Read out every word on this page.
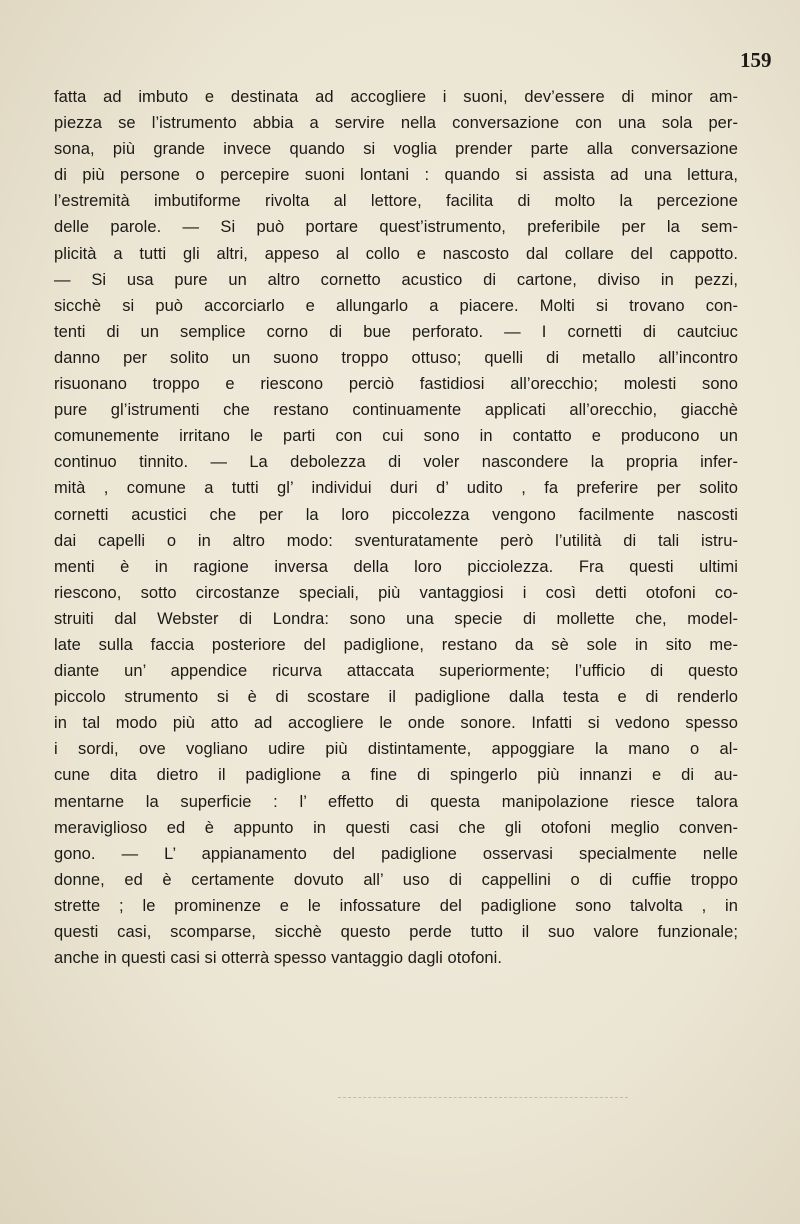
159
fatta ad imbuto e destinata ad accogliere i suoni, dev’essere di minor am-
piezza se l’istrumento abbia a servire nella conversazione con una sola per-
sona, più grande invece quando si voglia prender parte alla conversazione
di più persone o percepire suoni lontani : quando si assista ad una lettura,
l’estremità imbutiforme rivolta al lettore, facilita di molto la percezione
delle parole. — Si può portare quest’istrumento, preferibile per la sem-
plicità a tutti gli altri, appeso al collo e nascosto dal collare del cappotto.
— Si usa pure un altro cornetto acustico di cartone, diviso in pezzi,
sicchè si può accorciarlo e allungarlo a piacere. Molti si trovano con-
tenti di un semplice corno di bue perforato. — I cornetti di cautciuc
danno per solito un suono troppo ottuso; quelli di metallo all’incontro
risuonano troppo e riescono perciò fastidiosi all’orecchio; molesti sono
pure gl’istrumenti che restano continuamente applicati all’orecchio, giacchè
comunemente irritano le parti con cui sono in contatto e producono un
continuo tinnito. — La debolezza di voler nascondere la propria infer-
mità , comune a tutti gl’ individui duri d’ udito , fa preferire per solito
cornetti acustici che per la loro piccolezza vengono facilmente nascosti
dai capelli o in altro modo: sventuratamente però l’utilità di tali istru-
menti è in ragione inversa della loro picciolezza. Fra questi ultimi
riescono, sotto circostanze speciali, più vantaggiosi i così detti otofoni co-
struiti dal Webster di Londra: sono una specie di mollette che, model-
late sulla faccia posteriore del padiglione, restano da sè sole in sito me-
diante un’ appendice ricurva attaccata superiormente; l’ufficio di questo
piccolo strumento si è di scostare il padiglione dalla testa e di renderlo
in tal modo più atto ad accogliere le onde sonore. Infatti si vedono spesso
i sordi, ove vogliano udire più distintamente, appoggiare la mano o al-
cune dita dietro il padiglione a fine di spingerlo più innanzi e di au-
mentarne la superficie : l’ effetto di questa manipolazione riesce talora
meraviglioso ed è appunto in questi casi che gli otofoni meglio conven-
gono. — L’ appianamento del padiglione osservasi specialmente nelle
donne, ed è certamente dovuto all’ uso di cappellini o di cuffie troppo
strette ; le prominenze e le infossature del padiglione sono talvolta , in
questi casi, scomparse, sicchè questo perde tutto il suo valore funzionale;
anche in questi casi si otterrà spesso vantaggio dagli otofoni.
